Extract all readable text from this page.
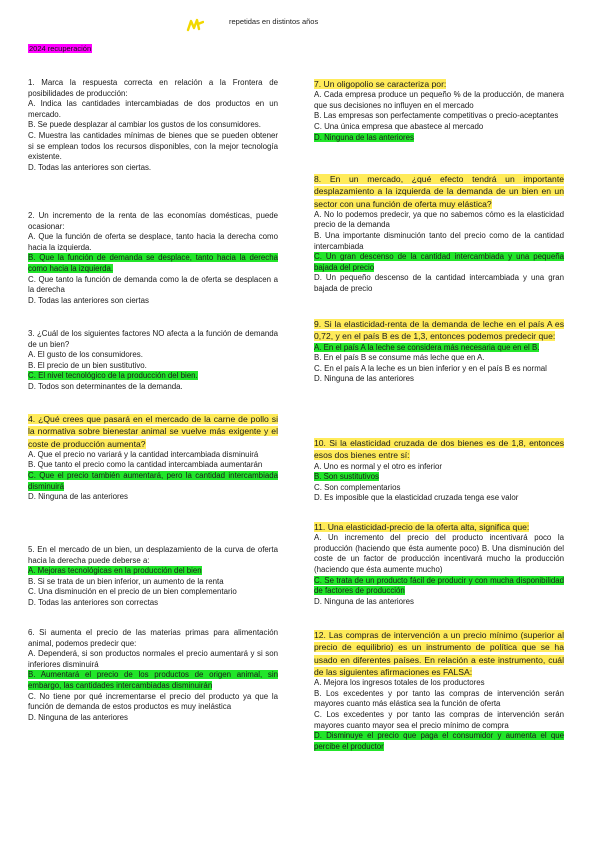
repetidas en distintos años
2024 recuperación

1. Marca la respuesta correcta en relación a la Frontera de posibilidades de producción:

A. Indica las cantidades intercambiadas de dos productos en un mercado.

B. Se puede desplazar al cambiar los gustos de los consumidores.

C. Muestra las cantidades mínimas de bienes que se pueden obtener si se emplean todos los recursos disponibles, con la mejor tecnología existente.

D. Todas las anteriores son ciertas.

2. Un incremento de la renta de las economías domésticas, puede ocasionar:

A. Que la función de oferta se desplace, tanto hacia la derecha como hacia la izquierda.

B. Que la función de demanda se desplace, tanto hacia la derecha como hacia la izquierda.

C. Que tanto la función de demanda como la de oferta se desplacen a la derecha

D. Todas las anteriores son ciertas

3. ¿Cuál de los siguientes factores NO afecta a la función de demanda de un bien?

A. El gusto de los consumidores.

B. El precio de un bien sustitutivo.

C. El nivel tecnológico de la producción del bien.

D. Todos son determinantes de la demanda.

4. ¿Qué crees que pasará en el mercado de la carne de pollo si la normativa sobre bienestar animal se vuelve más exigente y el coste de producción aumenta?

A. Que el precio no variará y la cantidad intercambiada disminuirá

B. Que tanto el precio como la cantidad intercambiada aumentarán

C. Que el precio también aumentará, pero la cantidad intercambiada disminuirá

D. Ninguna de las anteriores

5. En el mercado de un bien, un desplazamiento de la curva de oferta hacia la derecha puede deberse a:

A. Mejoras tecnológicas en la producción del bien

B. Si se trata de un bien inferior, un aumento de la renta

C. Una disminución en el precio de un bien complementario

D. Todas las anteriores son correctas

6. Si aumenta el precio de las materias primas para alimentación animal, podemos predecir que:

A. Dependerá, si son productos normales el precio aumentará y si son inferiores disminuirá

B. Aumentará el precio de los productos de origen animal, sin embargo, las cantidades intercambiadas disminuirán

C. No tiene por qué incrementarse el precio del producto ya que la función de demanda de estos productos es muy inelástica

D. Ninguna de las anteriores

7. Un oligopolio se caracteriza por:

A. Cada empresa produce un pequeño % de la producción, de manera que sus decisiones no influyen en el mercado

B. Las empresas son perfectamente competitivas o precio-aceptantes

C. Una única empresa que abastece al mercado

D. Ninguna de las anteriores

8. En un mercado, ¿qué efecto tendrá un importante desplazamiento a la izquierda de la demanda de un bien en un sector con una función de oferta muy elástica?

A. No lo podemos predecir, ya que no sabemos cómo es la elasticidad precio de la demanda

B. Una importante disminución tanto del precio como de la cantidad intercambiada

C. Un gran descenso de la cantidad intercambiada y una pequeña bajada del precio

D. Un pequeño descenso de la cantidad intercambiada y una gran bajada de precio

9. Si la elasticidad-renta de la demanda de leche en el país A es 0,72, y en el país B es de 1,3, entonces podemos predecir que:

A. En el país A la leche se considera más necesaria que en el B.

B. En el país B se consume más leche que en A.

C. En el país A la leche es un bien inferior y en el país B es normal

D. Ninguna de las anteriores

10. Si la elasticidad cruzada de dos bienes es de 1,8, entonces esos dos bienes entre sí:

A. Uno es normal y el otro es inferior

B. Son sustitutivos

C. Son complementarios

D. Es imposible que la elasticidad cruzada tenga ese valor

11. Una elasticidad-precio de la oferta alta, significa que:

A. Un incremento del precio del producto incentivará poco la producción (haciendo que ésta aumente poco) B. Una disminución del coste de un factor de producción incentivará mucho la producción (haciendo que ésta aumente mucho)

C. Se trata de un producto fácil de producir y con mucha disponibilidad de factores de producción

D. Ninguna de las anteriores

12. Las compras de intervención a un precio mínimo (superior al precio de equilibrio) es un instrumento de política que se ha usado en diferentes países. En relación a este instrumento, cuál de las siguientes afirmaciones es FALSA:

A. Mejora los ingresos totales de los productores

B. Los excedentes y por tanto las compras de intervención serán mayores cuanto más elástica sea la función de oferta

C. Los excedentes y por tanto las compras de intervención serán mayores cuanto mayor sea el precio mínimo de compra

D. Disminuye el precio que paga el consumidor y aumenta el que percibe el productor
